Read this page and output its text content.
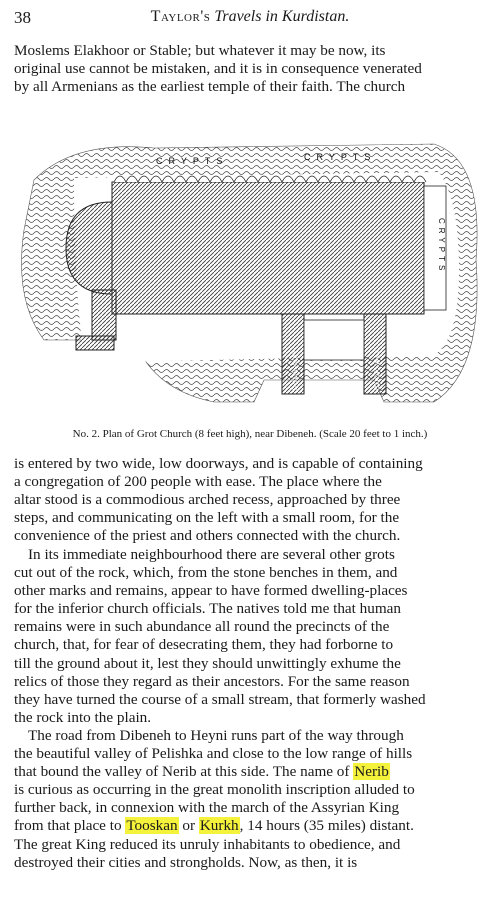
38	Taylor's Travels in Kurdistan.

Moslems Elakhoor or Stable; but whatever it may be now, its
original use cannot be mistaken, and it is in consequence venerated
by all Armenians as the earliest temple of their faith. The church

CRYPTS	CRYPTS
CRYPTS
DOOR-WAY	DOOR-WAY
No. 2. Plan of Grot Church (8 feet high), near Dibeneh. (Scale 20 feet to 1 inch.)

is entered by two wide, low doorways, and is capable of containing
a congregation of 200 people with ease. The place where the
altar stood is a commodious arched recess, approached by three
steps, and communicating on the left with a small room, for the
convenience of the priest and others connected with the church.

In its immediate neighbourhood there are several other grots
cut out of the rock, which, from the stone benches in them, and
other marks and remains, appear to have formed dwelling-places
for the inferior church officials. The natives told me that human
remains were in such abundance all round the precincts of the
church, that, for fear of desecrating them, they had forborne to
till the ground about it, lest they should unwittingly exhume the
relics of those they regard as their ancestors. For the same reason
they have turned the course of a small stream, that formerly washed
the rock into the plain.

The road from Dibeneh to Heyni runs part of the way through
the beautiful valley of Pelishka and close to the low range of hills
that bound the valley of Nerib at this side. The name of Nerib
is curious as occurring in the great monolith inscription alluded to
further back, in connexion with the march of the Assyrian King
from that place to Tooskan or Kurkh, 14 hours (35 miles) distant.
The great King reduced its unruly inhabitants to obedience, and
destroyed their cities and strongholds. Now, as then, it is
